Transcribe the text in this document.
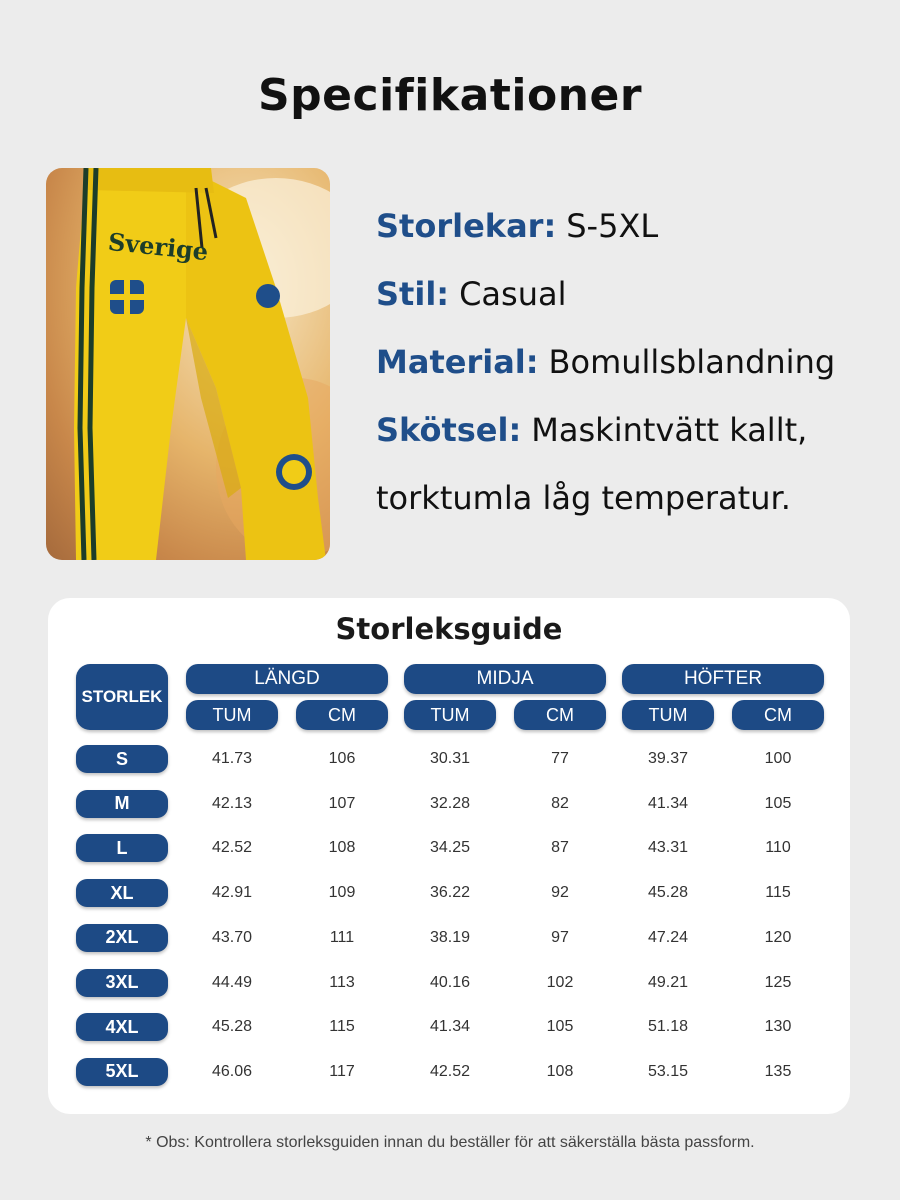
Specifikationer
Sverige
Storlekar: S-5XL
Stil: Casual
Material: Bomullsblandning
Skötsel: Maskintvätt kallt,
torktumla låg temperatur.
Storleksguide
STORLEK
LÄNGD
TUM	CM
MIDJA
TUM	CM
HÖFTER
TUM	CM
S	41.73	106	30.31	77	39.37	100
M	42.13	107	32.28	82	41.34	105
L	42.52	108	34.25	87	43.31	110
XL	42.91	109	36.22	92	45.28	115
2XL	43.70	111	38.19	97	47.24	120
3XL	44.49	113	40.16	102	49.21	125
4XL	45.28	115	41.34	105	51.18	130
5XL	46.06	117	42.52	108	53.15	135
* Obs: Kontrollera storleksguiden innan du beställer för att säkerställa bästa passform.
